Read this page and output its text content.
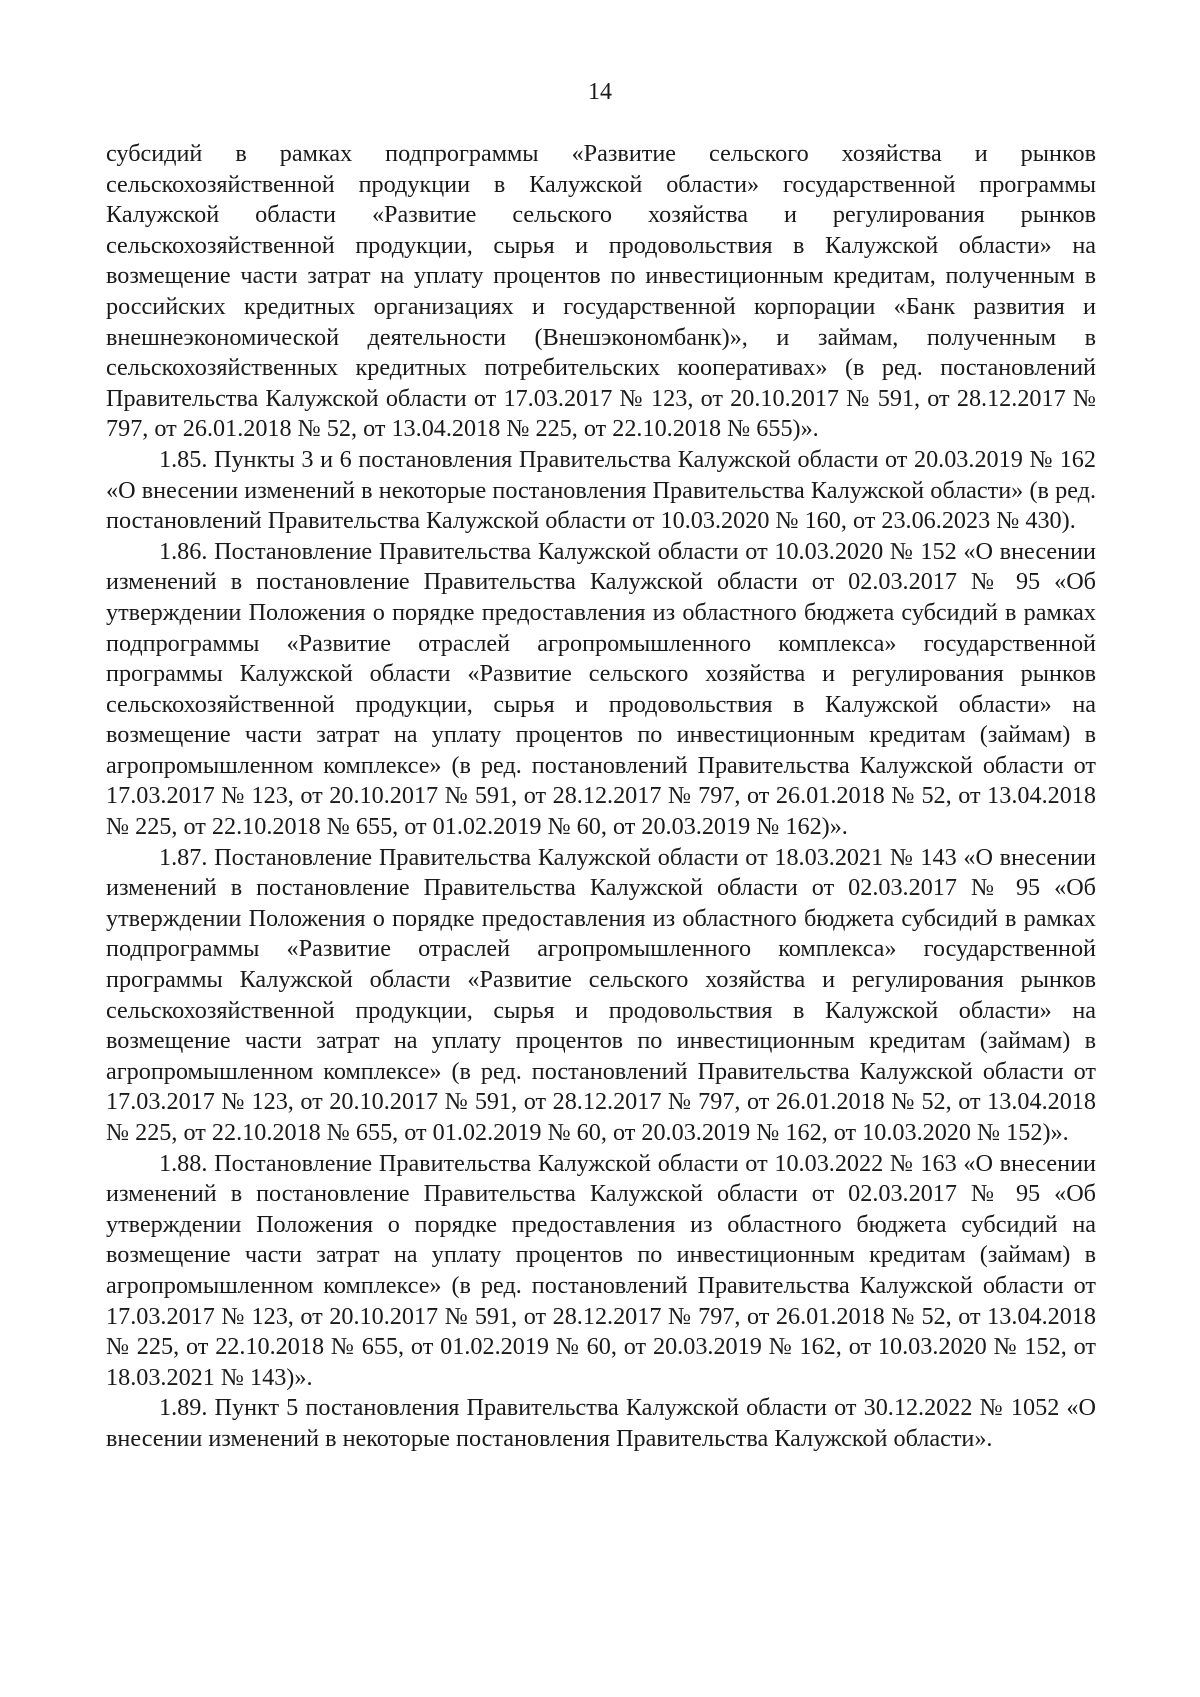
14

субсидий в рамках подпрограммы «Развитие сельского хозяйства и рынков сельскохозяйственной продукции в Калужской области» государственной программы Калужской области «Развитие сельского хозяйства и регулирования рынков сельскохозяйственной продукции, сырья и продовольствия в Калужской области» на возмещение части затрат на уплату процентов по инвестиционным кредитам, полученным в российских кредитных организациях и государственной корпорации «Банк развития и внешнеэкономической деятельности (Внешэкономбанк)», и займам, полученным в сельскохозяйственных кредитных потребительских кооперативах» (в ред. постановлений Правительства Калужской области от 17.03.2017 № 123, от 20.10.2017 № 591, от 28.12.2017 № 797, от 26.01.2018 № 52, от 13.04.2018 № 225, от 22.10.2018 № 655)».

1.85. Пункты 3 и 6 постановления Правительства Калужской области от 20.03.2019 № 162 «О внесении изменений в некоторые постановления Правительства Калужской области» (в ред. постановлений Правительства Калужской области от 10.03.2020 № 160, от 23.06.2023 № 430).

1.86. Постановление Правительства Калужской области от 10.03.2020 № 152 «О внесении изменений в постановление Правительства Калужской области от 02.03.2017 № 95 «Об утверждении Положения о порядке предоставления из областного бюджета субсидий в рамках подпрограммы «Развитие отраслей агропромышленного комплекса» государственной программы Калужской области «Развитие сельского хозяйства и регулирования рынков сельскохозяйственной продукции, сырья и продовольствия в Калужской области» на возмещение части затрат на уплату процентов по инвестиционным кредитам (займам) в агропромышленном комплексе» (в ред. постановлений Правительства Калужской области от 17.03.2017 № 123, от 20.10.2017 № 591, от 28.12.2017 № 797, от 26.01.2018 № 52, от 13.04.2018 № 225, от 22.10.2018 № 655, от 01.02.2019 № 60, от 20.03.2019 № 162)».

1.87. Постановление Правительства Калужской области от 18.03.2021 № 143 «О внесении изменений в постановление Правительства Калужской области от 02.03.2017 № 95 «Об утверждении Положения о порядке предоставления из областного бюджета субсидий в рамках подпрограммы «Развитие отраслей агропромышленного комплекса» государственной программы Калужской области «Развитие сельского хозяйства и регулирования рынков сельскохозяйственной продукции, сырья и продовольствия в Калужской области» на возмещение части затрат на уплату процентов по инвестиционным кредитам (займам) в агропромышленном комплексе» (в ред. постановлений Правительства Калужской области от 17.03.2017 № 123, от 20.10.2017 № 591, от 28.12.2017 № 797, от 26.01.2018 № 52, от 13.04.2018 № 225, от 22.10.2018 № 655, от 01.02.2019 № 60, от 20.03.2019 № 162, от 10.03.2020 № 152)».

1.88. Постановление Правительства Калужской области от 10.03.2022 № 163 «О внесении изменений в постановление Правительства Калужской области от 02.03.2017 № 95 «Об утверждении Положения о порядке предоставления из областного бюджета субсидий на возмещение части затрат на уплату процентов по инвестиционным кредитам (займам) в агропромышленном комплексе» (в ред. постановлений Правительства Калужской области от 17.03.2017 № 123, от 20.10.2017 № 591, от 28.12.2017 № 797, от 26.01.2018 № 52, от 13.04.2018 № 225, от 22.10.2018 № 655, от 01.02.2019 № 60, от 20.03.2019 № 162, от 10.03.2020 № 152, от 18.03.2021 № 143)».

1.89. Пункт 5 постановления Правительства Калужской области от 30.12.2022 № 1052 «О внесении изменений в некоторые постановления Правительства Калужской области».
